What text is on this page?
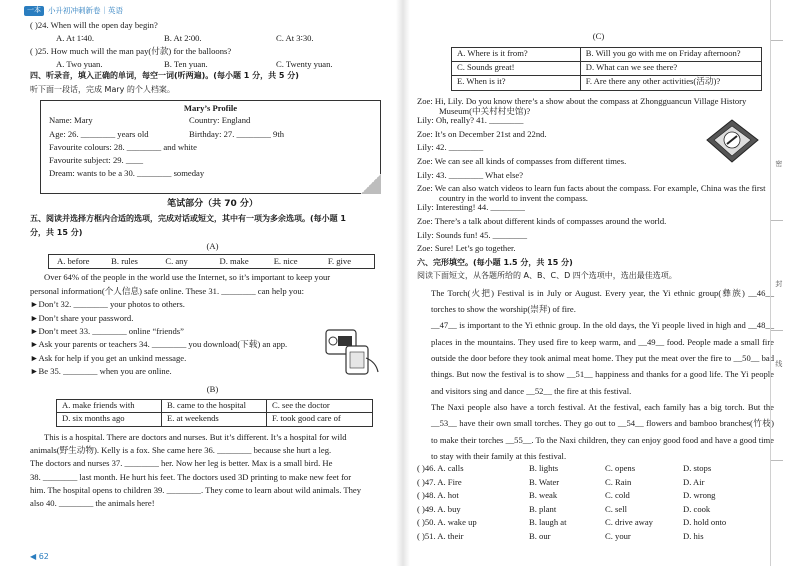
一本 小升初冲刺新卷｜英语
( )24. When will the open day begin?
A. At 1∶40.	B. At 2∶00.	C. At 3∶30.
( )25. How much will the man pay(付款) for the balloons?
A. Two yuan.	B. Ten yuan.	C. Twenty yuan.
四、听录音，填入正确的单词，每空一词(听两遍)。(每小题 1 分，共 5 分)
听下面一段话，完成 Mary 的个人档案。
Mary’s Profile
Name: Mary	Country: England
Age: 26. ________ years old	Birthday: 27. ________ 9th
Favourite colours: 28. ________ and white
Favourite subject: 29. ____
Dream: wants to be a 30. ________ someday
笔试部分（共 70 分）
五、阅读并选择方框内合适的选项，完成对话或短文，其中有一项为多余选项。(每小题 1
分，共 15 分)
(A)
A. before	B. rules	C. any	D. make	E. nice	F. give
Over 64% of the people in the world use the Internet, so it’s important to keep your
personal information(个人信息) safe online. These 31. ________ can help you:
►Don’t 32. ________ your photos to others.
►Don’t share your password.
►Don’t meet 33. ________ online “friends”
►Ask your parents or teachers 34. ________ you download(下载) an app.
►Ask for help if you get an unkind message.
►Be 35. ________ when you are online.
(B)
A. make friends with	B. came to the hospital	C. see the doctor
D. six months ago	E. at weekends	F. took good care of
This is a hospital. There are doctors and nurses. But it’s different. It’s a hospital for wild
animals(野生动物). Kelly is a fox. She came here 36. ________ because she hurt a leg.
The doctors and nurses 37. ________ her. Now her leg is better. Max is a small bird. He
38. ________ last month. He hurt his feet. The doctors used 3D printing to make new feet for
him. The hospital opens to children 39. ________. They come to learn about wild animals. They
also 40. ________ the animals here!
◀ 62
(C)
A. Where is it from?	B. Will you go with me on Friday afternoon?
C. Sounds great!	D. What can we see there?
E. When is it?	F. Are there any other activities(活动)?
Zoe: Hi, Lily. Do you know there’s a show about the compass at Zhongguancun Village History Museum(中关村村史馆)?
Lily: Oh, really? 41. ________
Zoe: It’s on December 21st and 22nd.
Lily: 42. ________
Zoe: We can see all kinds of compasses from different times.
Lily: 43. ________ What else?
Zoe: We can also watch videos to learn fun facts about the compass. For example, China was the first country in the world to invent the compass.
Lily: Interesting! 44. ________
Zoe: There’s a talk about different kinds of compasses around the world.
Lily: Sounds fun! 45. ________
Zoe: Sure! Let’s go together.
六、完形填空。(每小题 1.5 分，共 15 分)
阅读下面短文，从各题所给的 A、B、C、D 四个选项中，选出最佳选项。
The Torch(火把) Festival is in July or August. Every year, the Yi ethnic group(彝族) __46__ torches to show the worship(崇拜) of fire.
__47__ is important to the Yi ethnic group. In the old days, the Yi people lived in high and __48__ places in the mountains. They used fire to keep warm, and __49__ food. People made a small fire outside the door before they took animal meat home. They put the meat over the fire to __50__ bad things. But now the festival is to show __51__ happiness and thanks for a good life. The Yi people and visitors sing and dance __52__ the fire at this festival.
The Naxi people also have a torch festival. At the festival, each family has a big torch. But the __53__ have their own small torches. They go out to __54__ flowers and bamboo branches(竹枝) to make their torches __55__. To the Naxi children, they can enjoy good food and have a good time to stay with their family at this festival.
( )46. A. calls	B. lights	C. opens	D. stops
( )47. A. Fire	B. Water	C. Rain	D. Air
( )48. A. hot	B. weak	C. cold	D. wrong
( )49. A. buy	B. plant	C. sell	D. cook
( )50. A. wake up	B. laugh at	C. drive away	D. hold onto
( )51. A. their	B. our	C. your	D. his
密
封
线
